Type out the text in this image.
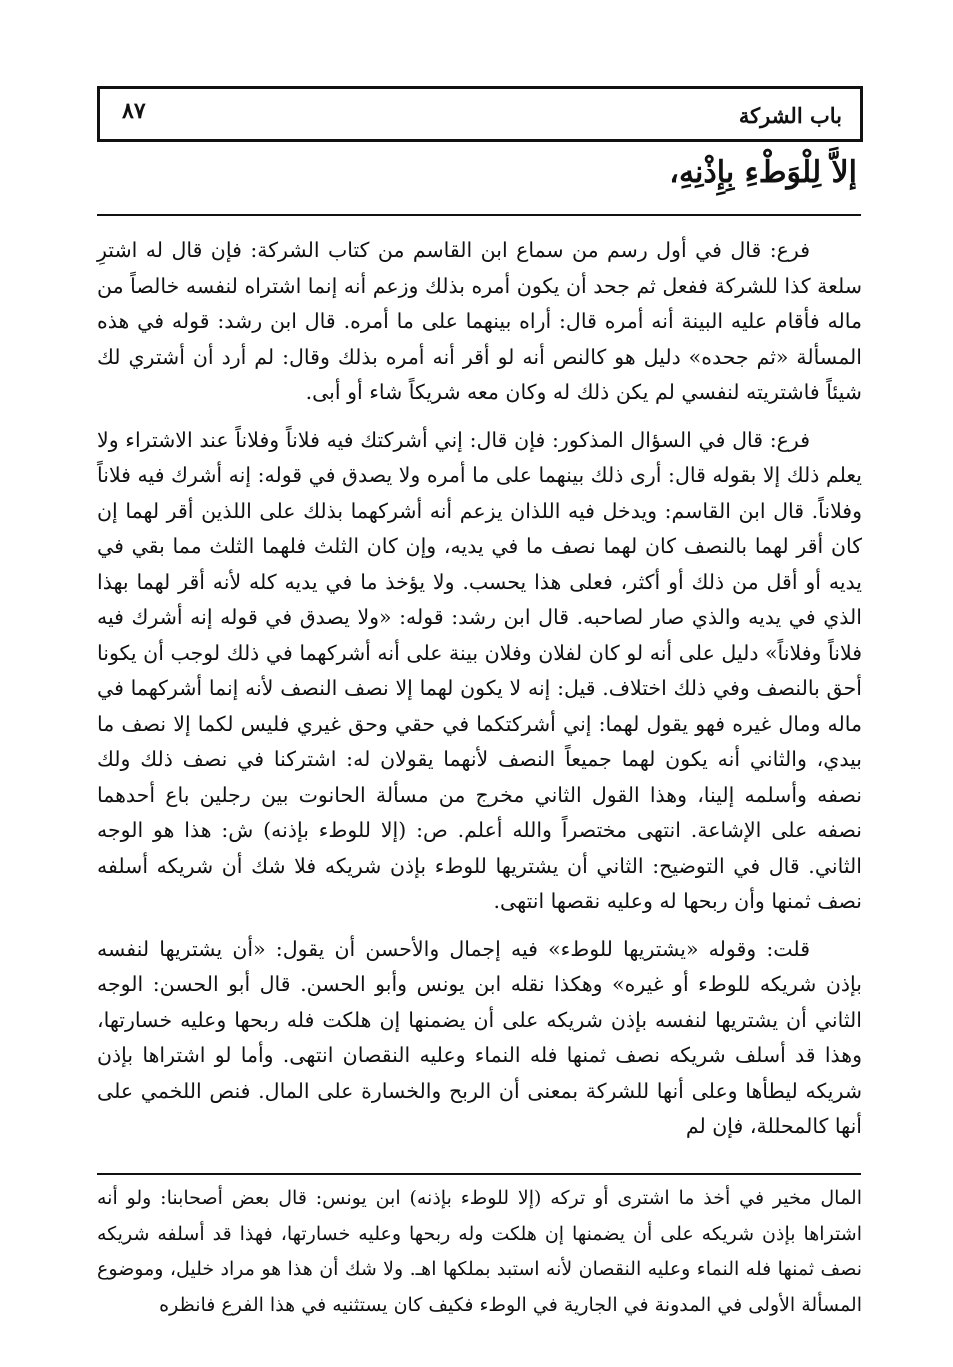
باب الشركة
٨٧
إلاَّ لِلْوَطْءِ بِإِذْنِهِ،

فرع: قال في أول رسم من سماع ابن القاسم من كتاب الشركة: فإن قال له اشترِ سلعة كذا للشركة ففعل ثم جحد أن يكون أمره بذلك وزعم أنه إنما اشتراه لنفسه خالصاً من ماله فأقام عليه البينة أنه أمره قال: أراه بينهما على ما أمره. قال ابن رشد: قوله في هذه المسألة «ثم جحده» دليل هو كالنص أنه لو أقر أنه أمره بذلك وقال: لم أرد أن أشتري لك شيئاً فاشتريته لنفسي لم يكن ذلك له وكان معه شريكاً شاء أو أبى.

فرع: قال في السؤال المذكور: فإن قال: إني أشركتك فيه فلاناً وفلاناً عند الاشتراء ولا يعلم ذلك إلا بقوله قال: أرى ذلك بينهما على ما أمره ولا يصدق في قوله: إنه أشرك فيه فلاناً وفلاناً. قال ابن القاسم: ويدخل فيه اللذان يزعم أنه أشركهما بذلك على اللذين أقر لهما إن كان أقر لهما بالنصف كان لهما نصف ما في يديه، وإن كان الثلث فلهما الثلث مما بقي في يديه أو أقل من ذلك أو أكثر، فعلى هذا يحسب. ولا يؤخذ ما في يديه كله لأنه أقر لهما بهذا الذي في يديه والذي صار لصاحبه. قال ابن رشد: قوله: «ولا يصدق في قوله إنه أشرك فيه فلاناً وفلاناً» دليل على أنه لو كان لفلان وفلان بينة على أنه أشركهما في ذلك لوجب أن يكونا أحق بالنصف وفي ذلك اختلاف. قيل: إنه لا يكون لهما إلا نصف النصف لأنه إنما أشركهما في ماله ومال غيره فهو يقول لهما: إني أشركتكما في حقي وحق غيري فليس لكما إلا نصف ما بيدي، والثاني أنه يكون لهما جميعاً النصف لأنهما يقولان له: اشتركنا في نصف ذلك ولك نصفه وأسلمه إلينا، وهذا القول الثاني مخرج من مسألة الحانوت بين رجلين باع أحدهما نصفه على الإشاعة. انتهى مختصراً والله أعلم. ص: (إلا للوطء بإذنه) ش: هذا هو الوجه الثاني. قال في التوضيح: الثاني أن يشتريها للوطء بإذن شريكه فلا شك أن شريكه أسلفه نصف ثمنها وأن ربحها له وعليه نقصها انتهى.

قلت: وقوله «يشتريها للوطء» فيه إجمال والأحسن أن يقول: «أن يشتريها لنفسه بإذن شريكه للوطء أو غيره» وهكذا نقله ابن يونس وأبو الحسن. قال أبو الحسن: الوجه الثاني أن يشتريها لنفسه بإذن شريكه على أن يضمنها إن هلكت فله ربحها وعليه خسارتها، وهذا قد أسلف شريكه نصف ثمنها فله النماء وعليه النقصان انتهى. وأما لو اشتراها بإذن شريكه ليطأها وعلى أنها للشركة بمعنى أن الربح والخسارة على المال. فنص اللخمي على أنها كالمحللة، فإن لم

المال مخير في أخذ ما اشترى أو تركه (إلا للوطء بإذنه) ابن يونس: قال بعض أصحابنا: ولو أنه اشتراها بإذن شريكه على أن يضمنها إن هلكت وله ربحها وعليه خسارتها، فهذا قد أسلفه شريكه نصف ثمنها فله النماء وعليه النقصان لأنه استبد بملكها اهـ. ولا شك أن هذا هو مراد خليل، وموضوع المسألة الأولى في المدونة في الجارية في الوطء فكيف كان يستثنيه في هذا الفرع فانظره
